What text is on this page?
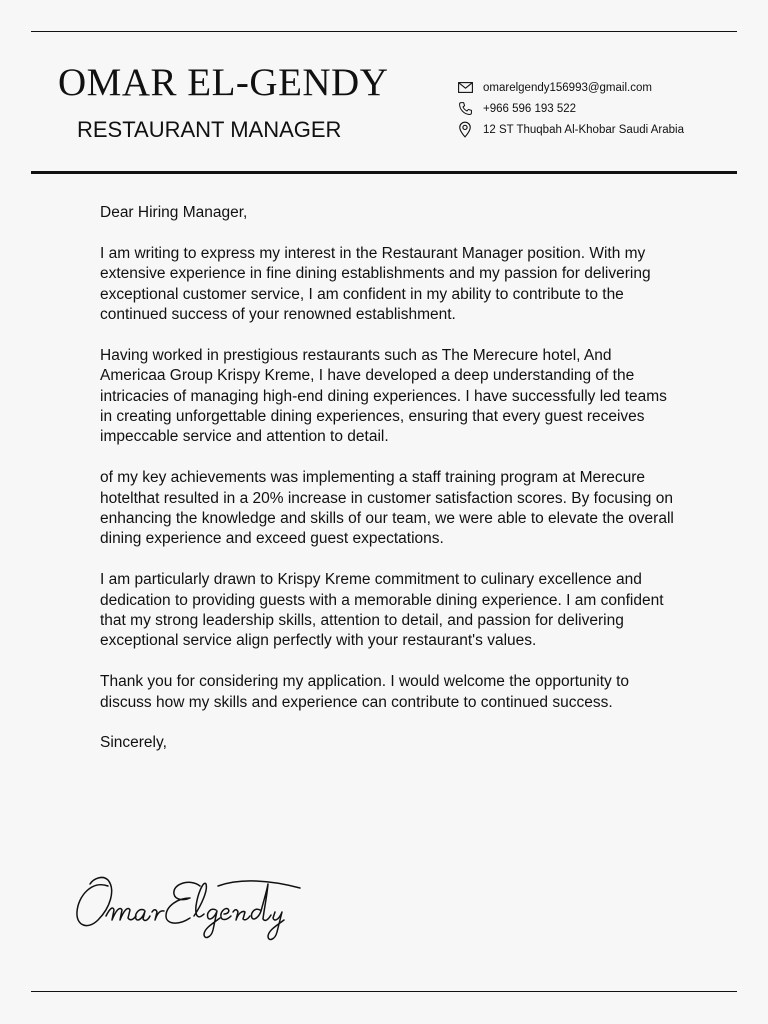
OMAR EL-GENDY
RESTAURANT MANAGER
omarelgendy156993@gmail.com
+966 596 193 522
12 ST Thuqbah Al-Khobar Saudi Arabia

Dear Hiring Manager,

I am writing to express my interest in the Restaurant Manager position. With my extensive experience in fine dining establishments and my passion for delivering exceptional customer service, I am confident in my ability to contribute to the continued success of your renowned establishment.

Having worked in prestigious restaurants such as The Merecure hotel, And Americaa Group Krispy Kreme, I have developed a deep understanding of the intricacies of managing high-end dining experiences. I have successfully led teams in creating unforgettable dining experiences, ensuring that every guest receives impeccable service and attention to detail.

of my key achievements was implementing a staff training program at Merecure hotelthat resulted in a 20% increase in customer satisfaction scores. By focusing on enhancing the knowledge and skills of our team, we were able to elevate the overall dining experience and exceed guest expectations.

I am particularly drawn to Krispy Kreme commitment to culinary excellence and dedication to providing guests with a memorable dining experience. I am confident that my strong leadership skills, attention to detail, and passion for delivering exceptional service align perfectly with your restaurant's values.

Thank you for considering my application. I would welcome the opportunity to discuss how my skills and experience can contribute to continued success.

Sincerely,
